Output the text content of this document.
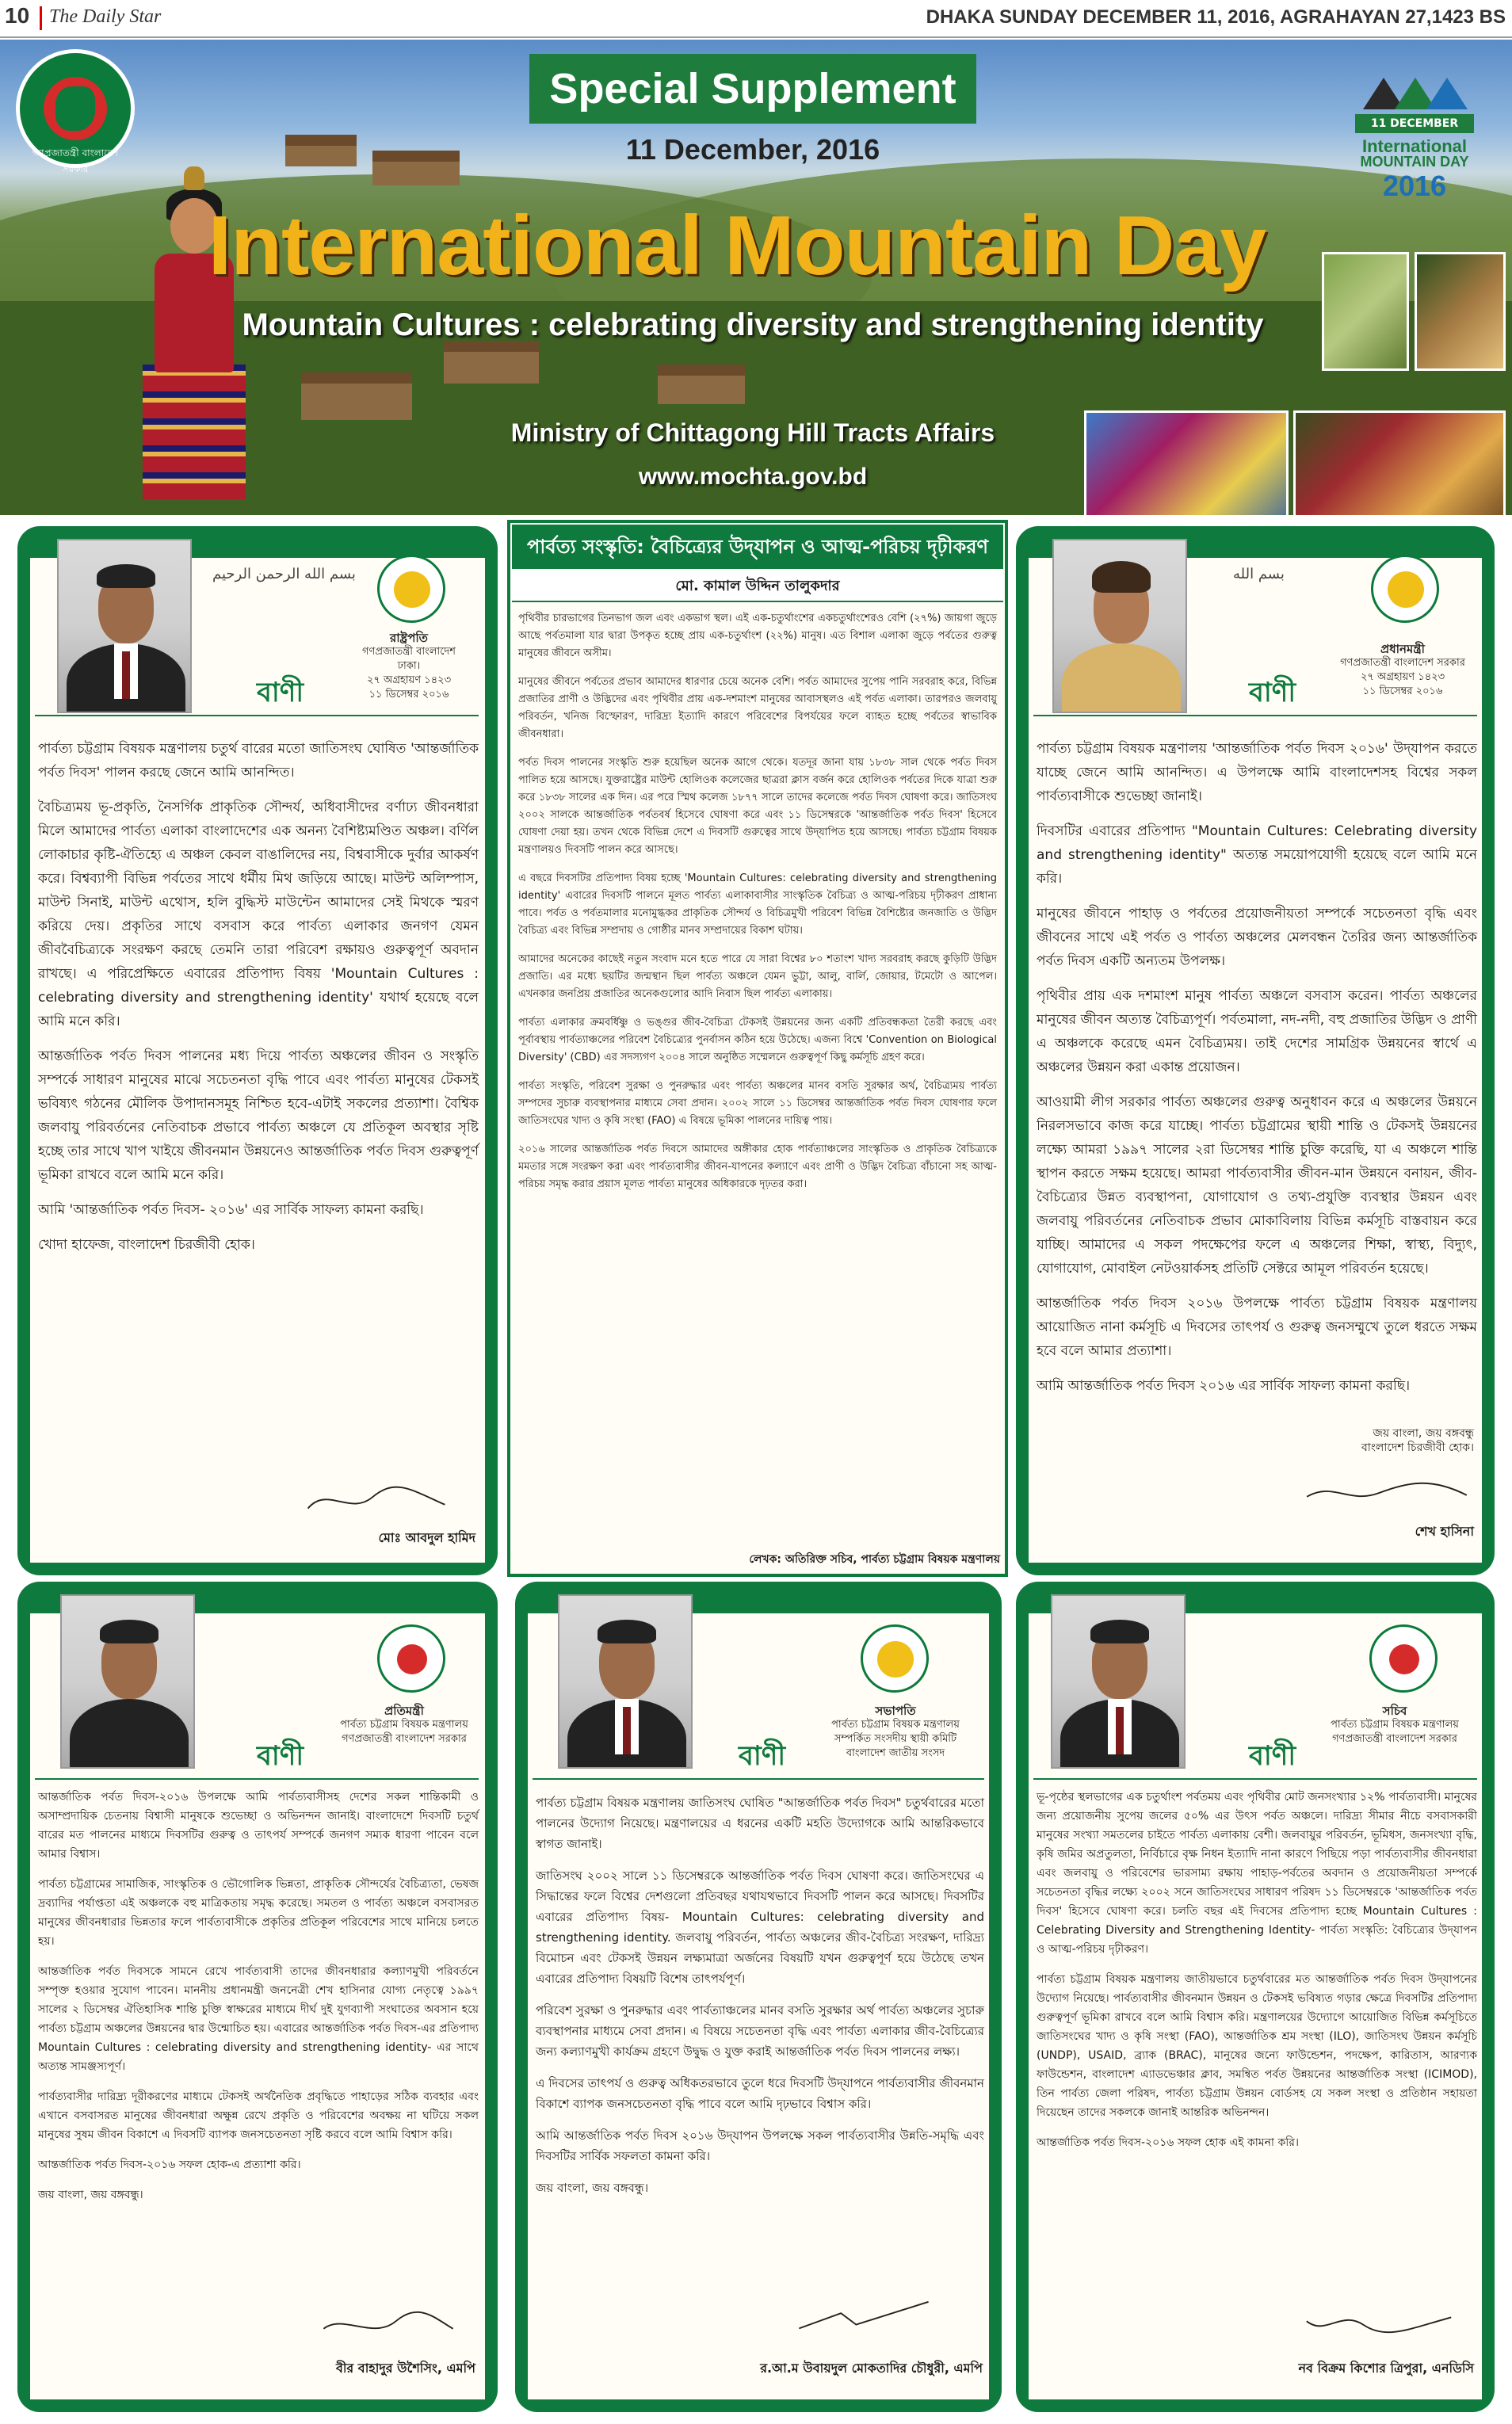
10 The Daily Star	DHAKA SUNDAY DECEMBER 11, 2016, AGRAHAYAN 27,1423 BS
গণপ্রজাতন্ত্রী বাংলাদেশ সরকার
Special Supplement
11 December, 2016
International Mountain Day
Mountain Cultures : celebrating diversity and strengthening identity
Ministry of Chittagong Hill Tracts Affairs
www.mochta.gov.bd
11 DECEMBER
International
MOUNTAIN DAY
2016
بسم الله الرحمن الرحيم
রাষ্ট্রপতি
গণপ্রজাতন্ত্রী বাংলাদেশ
ঢাকা।
২৭ অগ্রহায়ণ ১৪২৩
১১ ডিসেম্বর ২০১৬
বাণী

পার্বত্য চট্টগ্রাম বিষয়ক মন্ত্রণালয় চতুর্থ বারের মতো জাতিসংঘ ঘোষিত 'আন্তর্জাতিক পর্বত দিবস' পালন করছে জেনে আমি আনন্দিত।

বৈচিত্র্যময় ভূ-প্রকৃতি, নৈসর্গিক প্রাকৃতিক সৌন্দর্য, অধিবাসীদের বর্ণাঢ্য জীবনধারা মিলে আমাদের পার্বত্য এলাকা বাংলাদেশের এক অনন্য বৈশিষ্ট্যমণ্ডিত অঞ্চল। বর্ণিল লোকাচার কৃষ্টি-ঐতিহ্যে এ অঞ্চল কেবল বাঙালিদের নয়, বিশ্ববাসীকে দুর্বার আকর্ষণ করে। বিশ্বব্যাপী বিভিন্ন পর্বতের সাথে ধর্মীয় মিথ জড়িয়ে আছে। মাউন্ট অলিম্পাস, মাউন্ট সিনাই, মাউন্ট এথোস, হলি বুদ্ধিস্ট মাউন্টেন আমাদের সেই মিথকে স্মরণ করিয়ে দেয়। প্রকৃতির সাথে বসবাস করে পার্বত্য এলাকার জনগণ যেমন জীববৈচিত্র্যকে সংরক্ষণ করছে তেমনি তারা পরিবেশ রক্ষায়ও গুরুত্বপূর্ণ অবদান রাখছে। এ পরিপ্রেক্ষিতে এবারের প্রতিপাদ্য বিষয় 'Mountain Cultures : celebrating diversity and strengthening identity' যথার্থ হয়েছে বলে আমি মনে করি।

আন্তর্জাতিক পর্বত দিবস পালনের মধ্য দিয়ে পার্বত্য অঞ্চলের জীবন ও সংস্কৃতি সম্পর্কে সাধারণ মানুষের মাঝে সচেতনতা বৃদ্ধি পাবে এবং পার্বত্য মানুষের টেকসই ভবিষ্যৎ গঠনের মৌলিক উপাদানসমূহ নিশ্চিত হবে-এটাই সকলের প্রত্যাশা। বৈশ্বিক জলবায়ু পরিবর্তনের নেতিবাচক প্রভাবে পার্বত্য অঞ্চলে যে প্রতিকূল অবস্থার সৃষ্টি হচ্ছে তার সাথে খাপ খাইয়ে জীবনমান উন্নয়নেও আন্তর্জাতিক পর্বত দিবস গুরুত্বপূর্ণ ভূমিকা রাখবে বলে আমি মনে করি।

আমি 'আন্তর্জাতিক পর্বত দিবস- ২০১৬' এর সার্বিক সাফল্য কামনা করছি।

খোদা হাফেজ, বাংলাদেশ চিরজীবী হোক।

মোঃ আবদুল হামিদ
পার্বত্য সংস্কৃতি: বৈচিত্র্যের উদ্‌যাপন ও আত্ম-পরিচয় দৃঢ়ীকরণ
মো. কামাল উদ্দিন তালুকদার

পৃথিবীর চারভাগের তিনভাগ জল এবং একভাগ স্থল। এই এক-চতুর্থাংশের একচতুর্থাংশেরও বেশি (২৭%) জায়গা জুড়ে আছে পর্বতমালা যার দ্বারা উপকৃত হচ্ছে প্রায় এক-চতুর্থাংশ (২২%) মানুষ। এত বিশাল এলাকা জুড়ে পর্বতের গুরুত্ব মানুষের জীবনে অসীম।

মানুষের জীবনে পর্বতের প্রভাব আমাদের ধারণার চেয়ে অনেক বেশি। পর্বত আমাদের সুপেয় পানি সরবরাহ করে, বিভিন্ন প্রজাতির প্রাণী ও উদ্ভিদের এবং পৃথিবীর প্রায় এক-দশমাংশ মানুষের আবাসস্থলও এই পর্বত এলাকা। তারপরও জলবায়ু পরিবর্তন, খনিজ বিস্ফোরণ, দারিদ্র্য ইত্যাদি কারণে পরিবেশের বিপর্যয়ের ফলে ব্যাহত হচ্ছে পর্বতের স্বাভাবিক জীবনধারা।

পর্বত দিবস পালনের সংস্কৃতি শুরু হয়েছিল অনেক আগে থেকে। যতদূর জানা যায় ১৮৩৮ সাল থেকে পর্বত দিবস পালিত হয়ে আসছে। যুক্তরাষ্ট্রের মাউন্ট হোলিওক কলেজের ছাত্ররা ক্লাস বর্জন করে হোলিওক পর্বতের দিকে যাত্রা শুরু করে ১৮৩৮ সালের এক দিন। এর পরে স্মিথ কলেজ ১৮৭৭ সালে তাদের কলেজে পর্বত দিবস ঘোষণা করে। জাতিসংঘ ২০০২ সালকে আন্তর্জাতিক পর্বতবর্ষ হিসেবে ঘোষণা করে এবং ১১ ডিসেম্বরকে 'আন্তর্জাতিক পর্বত দিবস' হিসেবে ঘোষণা দেয়া হয়। তখন থেকে বিভিন্ন দেশে এ দিবসটি গুরুত্বের সাথে উদ্‌যাপিত হয়ে আসছে। পার্বত্য চট্টগ্রাম বিষয়ক মন্ত্রণালয়ও দিবসটি পালন করে আসছে।

এ বছরে দিবসটির প্রতিপাদ্য বিষয় হচ্ছে 'Mountain Cultures: celebrating diversity and strengthening identity' এবারের দিবসটি পালনে মূলত পার্বত্য এলাকাবাসীর সাংস্কৃতিক বৈচিত্র্য ও আত্ম-পরিচয় দৃঢ়ীকরণ প্রাধান্য পাবে। পর্বত ও পর্বতমালার মনোমুগ্ধকর প্রাকৃতিক সৌন্দর্য ও বিচিত্রমুখী পরিবেশ বিভিন্ন বৈশিষ্ট্যের জনজাতি ও উদ্ভিদ বৈচিত্র্য এবং বিভিন্ন সম্প্রদায় ও গোষ্ঠীর মানব সম্প্রদায়ের বিকাশ ঘটায়।

আমাদের অনেকের কাছেই নতুন সংবাদ মনে হতে পারে যে সারা বিশ্বের ৮০ শতাংশ খাদ্য সরবরাহ করছে কুড়িটি উদ্ভিদ প্রজাতি। এর মধ্যে ছয়টির জন্মস্থান ছিল পার্বত্য অঞ্চলে যেমন ভুট্টা, আলু, বার্লি, জোয়ার, টমেটো ও আপেল। এখনকার জনপ্রিয় প্রজাতির অনেকগুলোর আদি নিবাস ছিল পার্বত্য এলাকায়।

পার্বত্য এলাকার ক্রমবর্ধিষ্ণু ও ভঙ্গুর জীব-বৈচিত্র্য টেকসই উন্নয়নের জন্য একটি প্রতিবন্ধকতা তৈরী করছে এবং পূর্বাবস্থায় পার্বত্যাঞ্চলের পরিবেশ বৈচিত্র্যের পুনর্বাসন কঠিন হয়ে উঠেছে। এজন্য বিশ্বে 'Convention on Biological Diversity' (CBD) এর সদস্যগণ ২০০৪ সালে অনুষ্ঠিত সম্মেলনে গুরুত্বপূর্ণ কিছু কর্মসূচি গ্রহণ করে।

পার্বত্য সংস্কৃতি, পরিবেশ সুরক্ষা ও পুনরুদ্ধার এবং পার্বত্য অঞ্চলের মানব বসতি সুরক্ষার অর্থ, বৈচিত্র্যময় পার্বত্য সম্পদের সুচারু ব্যবস্থাপনার মাধ্যমে সেবা প্রদান। ২০০২ সালে ১১ ডিসেম্বর আন্তর্জাতিক পর্বত দিবস ঘোষণার ফলে জাতিসংঘের খাদ্য ও কৃষি সংস্থা (FAO) এ বিষয়ে ভূমিকা পালনের দায়িত্ব পায়।

২০১৬ সালের আন্তর্জাতিক পর্বত দিবসে আমাদের অঙ্গীকার হোক পার্বত্যাঞ্চলের সাংস্কৃতিক ও প্রাকৃতিক বৈচিত্র্যকে মমতার সঙ্গে সংরক্ষণ করা এবং পার্বত্যবাসীর জীবন-যাপনের কল্যাণে এবং প্রাণী ও উদ্ভিদ বৈচিত্র্য বাঁচানো সহ আত্ম-পরিচয় সমৃদ্ধ করার প্রয়াস মূলত পার্বত্য মানুষের অধিকারকে দৃঢ়তর করা।

লেখক: অতিরিক্ত সচিব, পার্বত্য চট্টগ্রাম বিষয়ক মন্ত্রণালয়
بسم الله
প্রধানমন্ত্রী
গণপ্রজাতন্ত্রী বাংলাদেশ সরকার
২৭ অগ্রহায়ণ ১৪২৩
১১ ডিসেম্বর ২০১৬
বাণী

পার্বত্য চট্টগ্রাম বিষয়ক মন্ত্রণালয় 'আন্তর্জাতিক পর্বত দিবস ২০১৬' উদ্‌যাপন করতে যাচ্ছে জেনে আমি আনন্দিত। এ উপলক্ষে আমি বাংলাদেশসহ বিশ্বের সকল পার্বত্যবাসীকে শুভেচ্ছা জানাই।

দিবসটির এবারের প্রতিপাদ্য "Mountain Cultures: Celebrating diversity and strengthening identity" অত্যন্ত সময়োপযোগী হয়েছে বলে আমি মনে করি।

মানুষের জীবনে পাহাড় ও পর্বতের প্রয়োজনীয়তা সম্পর্কে সচেতনতা বৃদ্ধি এবং জীবনের সাথে এই পর্বত ও পার্বত্য অঞ্চলের মেলবন্ধন তৈরির জন্য আন্তর্জাতিক পর্বত দিবস একটি অন্যতম উপলক্ষ।

পৃথিবীর প্রায় এক দশমাংশ মানুষ পার্বত্য অঞ্চলে বসবাস করেন। পার্বত্য অঞ্চলের মানুষের জীবন অত্যন্ত বৈচিত্র্যপূর্ণ। পর্বতমালা, নদ-নদী, বহু প্রজাতির উদ্ভিদ ও প্রাণী এ অঞ্চলকে করেছে এমন বৈচিত্র্যময়। তাই দেশের সামগ্রিক উন্নয়নের স্বার্থে এ অঞ্চলের উন্নয়ন করা একান্ত প্রয়োজন।

আওয়ামী লীগ সরকার পার্বত্য অঞ্চলের গুরুত্ব অনুধাবন করে এ অঞ্চলের উন্নয়নে নিরলসভাবে কাজ করে যাচ্ছে। পার্বত্য চট্টগ্রামের স্থায়ী শান্তি ও টেকসই উন্নয়নের লক্ষ্যে আমরা ১৯৯৭ সালের ২রা ডিসেম্বর শান্তি চুক্তি করেছি, যা এ অঞ্চলে শান্তি স্থাপন করতে সক্ষম হয়েছে। আমরা পার্বত্যবাসীর জীবন-মান উন্নয়নে বনায়ন, জীব-বৈচিত্র্যের উন্নত ব্যবস্থাপনা, যোগাযোগ ও তথ্য-প্রযুক্তি ব্যবস্থার উন্নয়ন এবং জলবায়ু পরিবর্তনের নেতিবাচক প্রভাব মোকাবিলায় বিভিন্ন কর্মসূচি বাস্তবায়ন করে যাচ্ছি। আমাদের এ সকল পদক্ষেপের ফলে এ অঞ্চলের শিক্ষা, স্বাস্থ্য, বিদ্যুৎ, যোগাযোগ, মোবাইল নেটওয়ার্কসহ প্রতিটি সেক্টরে আমূল পরিবর্তন হয়েছে।

আন্তর্জাতিক পর্বত দিবস ২০১৬ উপলক্ষে পার্বত্য চট্টগ্রাম বিষয়ক মন্ত্রণালয় আয়োজিত নানা কর্মসূচি এ দিবসের তাৎপর্য ও গুরুত্ব জনসম্মুখে তুলে ধরতে সক্ষম হবে বলে আমার প্রত্যাশা।

আমি আন্তর্জাতিক পর্বত দিবস ২০১৬ এর সার্বিক সাফল্য কামনা করছি।

জয় বাংলা, জয় বঙ্গবন্ধু
বাংলাদেশ চিরজীবী হোক।
শেখ হাসিনা
প্রতিমন্ত্রী
পার্বত্য চট্টগ্রাম বিষয়ক মন্ত্রণালয়
গণপ্রজাতন্ত্রী বাংলাদেশ সরকার
বাণী

আন্তর্জাতিক পর্বত দিবস-২০১৬ উপলক্ষে আমি পার্বত্যবাসীসহ দেশের সকল শান্তিকামী ও অসাম্প্রদায়িক চেতনায় বিশ্বাসী মানুষকে শুভেচ্ছা ও অভিনন্দন জানাই। বাংলাদেশে দিবসটি চতুর্থ বারের মত পালনের মাধ্যমে দিবসটির গুরুত্ব ও তাৎপর্য সম্পর্কে জনগণ সম্যক ধারণা পাবেন বলে আমার বিশ্বাস।

পার্বত্য চট্টগ্রামের সামাজিক, সাংস্কৃতিক ও ভৌগোলিক ভিন্নতা, প্রাকৃতিক সৌন্দর্যের বৈচিত্র্যতা, ভেষজ দ্রব্যাদির পর্যাপ্ততা এই অঞ্চলকে বহু মাত্রিকতায় সমৃদ্ধ করেছে। সমতল ও পার্বত্য অঞ্চলে বসবাসরত মানুষের জীবনধারার ভিন্নতার ফলে পার্বত্যবাসীকে প্রকৃতির প্রতিকূল পরিবেশের সাথে মানিয়ে চলতে হয়।

আন্তর্জাতিক পর্বত দিবসকে সামনে রেখে পার্বত্যবাসী তাদের জীবনধারার কল্যাণমুখী পরিবর্তনে সম্পৃক্ত হওয়ার সুযোগ পাবেন। মাননীয় প্রধানমন্ত্রী জননেত্রী শেখ হাসিনার যোগ্য নেতৃত্বে ১৯৯৭ সালের ২ ডিসেম্বর ঐতিহাসিক শান্তি চুক্তি স্বাক্ষরের মাধ্যমে দীর্ঘ দুই যুগব্যাপী সংঘাতের অবসান হয়ে পার্বত্য চট্টগ্রাম অঞ্চলের উন্নয়নের দ্বার উন্মোচিত হয়। এবারের আন্তর্জাতিক পর্বত দিবস-এর প্রতিপাদ্য Mountain Cultures : celebrating diversity and strengthening identity- এর সাথে অত্যন্ত সামঞ্জস্যপূর্ণ।

পার্বত্যবাসীর দারিদ্র্য দূরীকরণের মাধ্যমে টেকসই অর্থনৈতিক প্রবৃদ্ধিতে পাহাড়ের সঠিক ব্যবহার এবং এখানে বসবাসরত মানুষের জীবনধারা অক্ষুন্ন রেখে প্রকৃতি ও পরিবেশের অবক্ষয় না ঘটিয়ে সকল মানুষের সুষম জীবন বিকাশে এ দিবসটি ব্যাপক জনসচেতনতা সৃষ্টি করবে বলে আমি বিশ্বাস করি।

আন্তর্জাতিক পর্বত দিবস-২০১৬ সফল হোক-এ প্রত্যাশা করি।

জয় বাংলা, জয় বঙ্গবন্ধু।

বীর বাহাদুর উশৈসিং, এমপি
সভাপতি
পার্বত্য চট্টগ্রাম বিষয়ক মন্ত্রণালয়
সম্পর্কিত সংসদীয় স্থায়ী কমিটি
বাংলাদেশ জাতীয় সংসদ
বাণী

পার্বত্য চট্টগ্রাম বিষয়ক মন্ত্রণালয় জাতিসংঘ ঘোষিত "আন্তর্জাতিক পর্বত দিবস" চতুর্থবারের মতো পালনের উদ্যোগ নিয়েছে। মন্ত্রণালয়ের এ ধরনের একটি মহতি উদ্যোগকে আমি আন্তরিকভাবে স্বাগত জানাই।

জাতিসংঘ ২০০২ সালে ১১ ডিসেম্বরকে আন্তর্জাতিক পর্বত দিবস ঘোষণা করে। জাতিসংঘের এ সিদ্ধান্তের ফলে বিশ্বের দেশগুলো প্রতিবছর যথাযথভাবে দিবসটি পালন করে আসছে। দিবসটির এবারের প্রতিপাদ্য বিষয়- Mountain Cultures: celebrating diversity and strengthening identity. জলবায়ু পরিবর্তন, পার্বত্য অঞ্চলের জীব-বৈচিত্র্য সংরক্ষণ, দারিদ্র্য বিমোচন এবং টেকসই উন্নয়ন লক্ষ্যমাত্রা অর্জনের বিষয়টি যখন গুরুত্বপূর্ণ হয়ে উঠেছে তখন এবারের প্রতিপাদ্য বিষয়টি বিশেষ তাৎপর্যপূর্ণ।

পরিবেশ সুরক্ষা ও পুনরুদ্ধার এবং পার্বত্যাঞ্চলের মানব বসতি সুরক্ষার অর্থ পার্বত্য অঞ্চলের সুচারু ব্যবস্থাপনার মাধ্যমে সেবা প্রদান। এ বিষয়ে সচেতনতা বৃদ্ধি এবং পার্বত্য এলাকার জীব-বৈচিত্র্যের জন্য কল্যাণমুখী কার্যক্রম গ্রহণে উদ্বুদ্ধ ও যুক্ত করাই আন্তর্জাতিক পর্বত দিবস পালনের লক্ষ্য।

এ দিবসের তাৎপর্য ও গুরুত্ব অধিকতরভাবে তুলে ধরে দিবসটি উদ্‌যাপনে পার্বত্যবাসীর জীবনমান বিকাশে ব্যাপক জনসচেতনতা বৃদ্ধি পাবে বলে আমি দৃঢ়ভাবে বিশ্বাস করি।

আমি আন্তর্জাতিক পর্বত দিবস ২০১৬ উদ্‌যাপন উপলক্ষে সকল পার্বত্যবাসীর উন্নতি-সমৃদ্ধি এবং দিবসটির সার্বিক সফলতা কামনা করি।

জয় বাংলা, জয় বঙ্গবন্ধু।

র.আ.ম উবায়দুল মোকতাদির চৌধুরী, এমপি
সচিব
পার্বত্য চট্টগ্রাম বিষয়ক মন্ত্রণালয়
গণপ্রজাতন্ত্রী বাংলাদেশ সরকার
বাণী

ভূ-পৃষ্ঠের স্থলভাগের এক চতুর্থাংশ পর্বতময় এবং পৃথিবীর মোট জনসংখ্যার ১২% পার্বত্যবাসী। মানুষের জন্য প্রয়োজনীয় সুপেয় জলের ৫০% এর উৎস পর্বত অঞ্চলে। দারিদ্র্য সীমার নীচে বসবাসকারী মানুষের সংখ্যা সমতলের চাইতে পার্বত্য এলাকায় বেশী। জলবায়ুর পরিবর্তন, ভূমিধস, জনসংখ্যা বৃদ্ধি, কৃষি জমির অপ্রতুলতা, নির্বিচারে বৃক্ষ নিধন ইত্যাদি নানা কারণে পিছিয়ে পড়া পার্বত্যবাসীর জীবনধারা এবং জলবায়ু ও পরিবেশের ভারসাম্য রক্ষায় পাহাড়-পর্বতের অবদান ও প্রয়োজনীয়তা সম্পর্কে সচেতনতা বৃদ্ধির লক্ষ্যে ২০০২ সনে জাতিসংঘের সাধারণ পরিষদ ১১ ডিসেম্বরকে 'আন্তর্জাতিক পর্বত দিবস' হিসেবে ঘোষণা করে। চলতি বছর এই দিবসের প্রতিপাদ্য হচ্ছে Mountain Cultures : Celebrating Diversity and Strengthening Identity- পার্বত্য সংস্কৃতি: বৈচিত্র্যের উদ্‌যাপন ও আত্ম-পরিচয় দৃঢ়ীকরণ।

পার্বত্য চট্টগ্রাম বিষয়ক মন্ত্রণালয় জাতীয়ভাবে চতুর্থবারের মত আন্তর্জাতিক পর্বত দিবস উদ্‌যাপনের উদ্যোগ নিয়েছে। পার্বত্যবাসীর জীবনমান উন্নয়ন ও টেকসই ভবিষ্যত গড়ার ক্ষেত্রে দিবসটির প্রতিপাদ্য গুরুত্বপূর্ণ ভূমিকা রাখবে বলে আমি বিশ্বাস করি। মন্ত্রণালয়ের উদ্যোগে আয়োজিত বিভিন্ন কর্মসূচিতে জাতিসংঘের খাদ্য ও কৃষি সংস্থা (FAO), আন্তর্জাতিক শ্রম সংস্থা (ILO), জাতিসংঘ উন্নয়ন কর্মসূচি (UNDP), USAID, ব্র্যাক (BRAC), মানুষের জন্যে ফাউন্ডেশন, পদক্ষেপ, কারিতাস, আরণ্যক ফাউন্ডেশন, বাংলাদেশ এ্যাডভেঞ্চার ক্লাব, সমন্বিত পর্বত উন্নয়নের আন্তর্জাতিক সংস্থা (ICIMOD), তিন পার্বত্য জেলা পরিষদ, পার্বত্য চট্টগ্রাম উন্নয়ন বোর্ডসহ যে সকল সংস্থা ও প্রতিষ্ঠান সহায়তা দিয়েছেন তাদের সকলকে জানাই আন্তরিক অভিনন্দন।

আন্তর্জাতিক পর্বত দিবস-২০১৬ সফল হোক এই কামনা করি।

নব বিক্রম কিশোর ত্রিপুরা, এনডিসি
